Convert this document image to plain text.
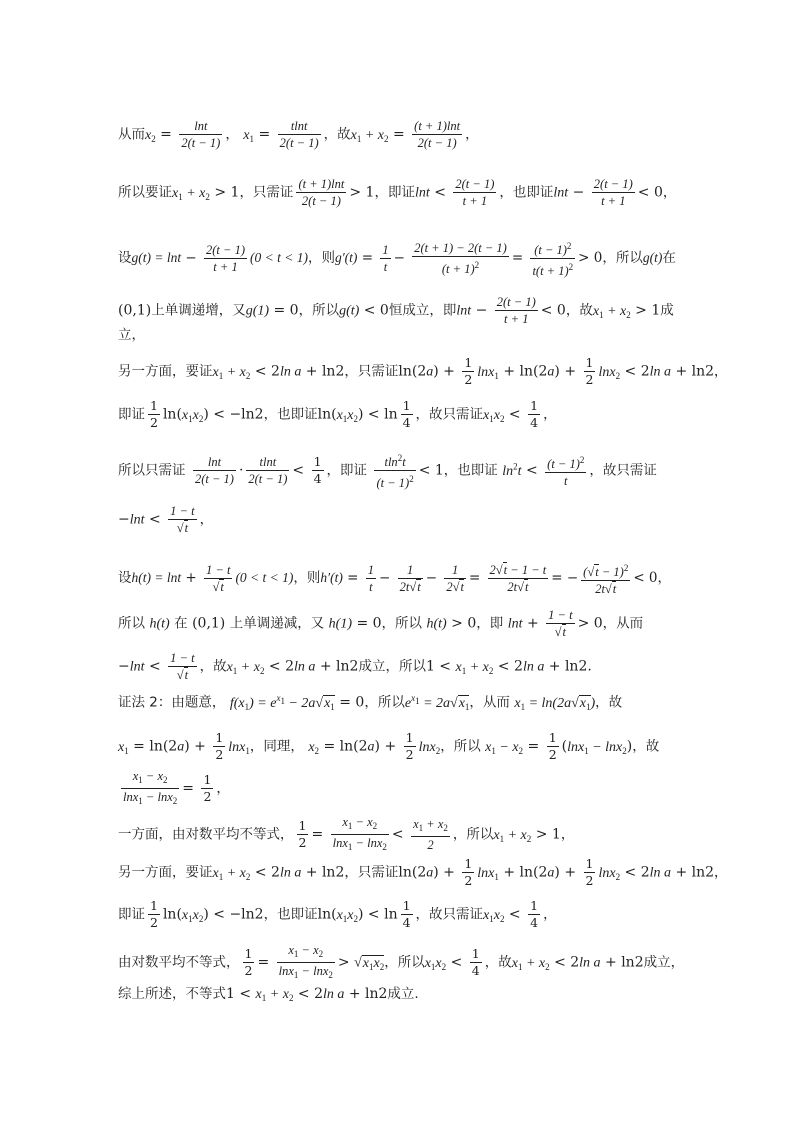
从而$x_2 = \frac{\ln t}{2(t - 1)}$ ， $x_1 = \frac{tlnt}{2(t - 1)}$ ，故$x_1 + x_2 = \frac{(t + 1)\ln t}{2(t - 1)}$ ，
所以要证$x_1 + x_2 > 1$，只需证 $\frac{(t + 1)\ln t}{2(t - 1)} > 1$，即证$\ln t < \frac{2(t - 1)}{t + 1}$ ，也即证$\ln t - \frac{2(t - 1)}{t + 1} < 0$，
设$g(t) = \ln t - \frac{2(t - 1)}{t + 1} (0 < t < 1)$，则$g'(t) = \frac{1}{t} - \frac{2(t + 1) - 2(t - 1)}{(t + 1)^2} = \frac{(t - 1)^2}{t(t + 1)^2} > 0$，所以g(t)在
(0,1)上单调递增，又g(1) = 0，所以g(t) < 0恒成立，即$\ln t - \frac{2(t - 1)}{t + 1} < 0$，故$x_1 + x_2 > 1$成
立，
另一方面，要证$x_1 + x_2 < 2\ln$ a + ln2，只需证$\ln(2a) + \frac{1}{2} \ln x_1 + \ln(2a) + \frac{1}{2} \ln x_2 < 2\ln$ a + ln2，
即证 $\frac{1}{2} \ln(x_1x_2) < -\ln 2$，也即证$\ln(x_1x_2) < \ln \frac{1}{4}$ ，故只需证$x_1x_2 < \frac{1}{4}$ ，
所以只需证 $\frac{\ln t}{2(t - 1)} \cdot \frac{tlnt}{2(t - 1)} < \frac{1}{4}$ ，即证 $\frac{tln^2t}{(t - 1)^2} < 1$，也即证 $\ln^2t < \frac{(t - 1)^2}{t}$ ，故只需证
$-\ln t < \frac{1 - t}{√t}$ ，
设$h(t) = \ln t + \frac{1 - t}{√t} (0 < t < 1)$，则$h'(t) = \frac{1}{t} - \frac{1}{2t√t} - \frac{1}{2√t} = \frac{2√t - 1 - t}{2t√t}$ = − $\frac{(√t - 1)^2}{2t√t} < 0$，
所以 h(t) 在 (0,1) 上单调递减，又 h(1) = 0，所以 h(t) > 0，即 $\ln t + \frac{1 - t}{√t} > 0$，从而
$-\ln t < \frac{1 - t}{√t}$ ，故$x_1 + x_2 < 2\ln$ a + ln2成立，所以$1 < x_1 + x_2 < 2\ln$ a + ln2.
证法 2：由题意， $f(x_1) = e^{x_1} - 2a√x_1 = 0$，所以$e^{x_1} = 2a√x_1$，从而 $x_1 = \ln(2a√x_1)$，故
$x_1 = \ln(2a) + \frac{1}{2} \ln x_1$，同理， $x_2 = \ln(2a) + \frac{1}{2} \ln x_2$，所以 $x_1 - x_2 = \frac{1}{2} (\ln x_1 - \ln x_2)$，故
$\frac{x_1 - x_2}{\ln x_1 - \ln x_2} = \frac{1}{2}$ ，
一方面，由对数平均不等式， $\frac{1}{2} = \frac{x_1 - x_2}{\ln x_1 - \ln x_2} < \frac{x_1 + x_2}{2}$ ，所以$x_1 + x_2 > 1$，
另一方面，要证$x_1 + x_2 < 2\ln$ a + ln2，只需证$\ln(2a) + \frac{1}{2} \ln x_1 + \ln(2a) + \frac{1}{2} \ln x_2 < 2\ln$ a + ln2，
即证 $\frac{1}{2} \ln(x_1x_2) < -\ln 2$，也即证$\ln(x_1x_2) < \ln \frac{1}{4}$ ，故只需证$x_1x_2 < \frac{1}{4}$ ，
由对数平均不等式， $\frac{1}{2} = \frac{x_1 - x_2}{\ln x_1 - \ln x_2} > √x_1x_2$，所以$x_1x_2 < \frac{1}{4}$ ，故$x_1 + x_2 < 2\ln$ a + ln2成立，
综上所述，不等式$1 < x_1 + x_2 < 2\ln$ a + ln2成立.
